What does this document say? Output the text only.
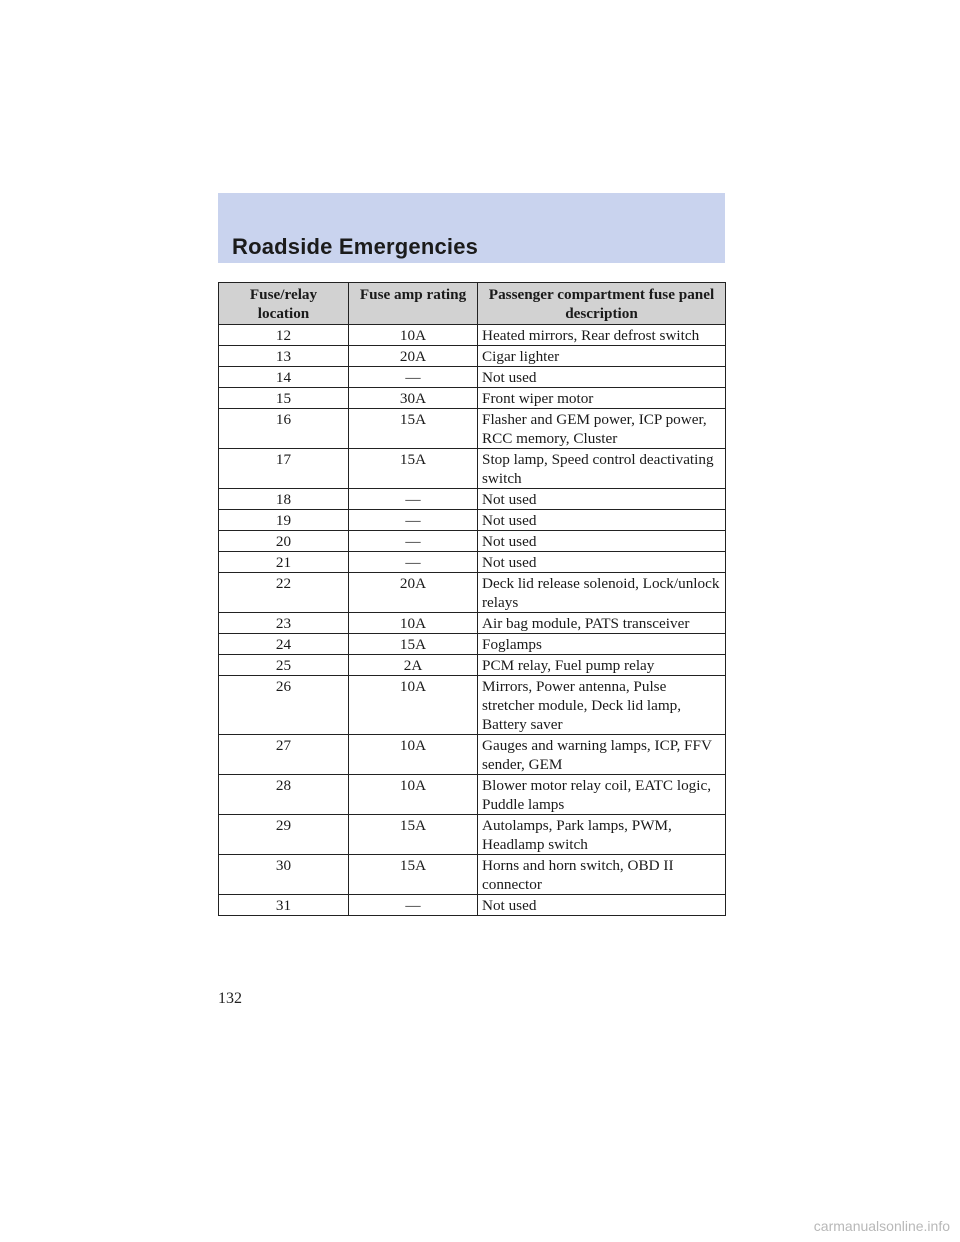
Roadside Emergencies
Fuse/relay location	Fuse amp rating	Passenger compartment fuse panel description
12	10A	Heated mirrors, Rear defrost switch
13	20A	Cigar lighter
14	—	Not used
15	30A	Front wiper motor
16	15A	Flasher and GEM power, ICP power, RCC memory, Cluster
17	15A	Stop lamp, Speed control deactivating switch
18	—	Not used
19	—	Not used
20	—	Not used
21	—	Not used
22	20A	Deck lid release solenoid, Lock/unlock relays
23	10A	Air bag module, PATS transceiver
24	15A	Foglamps
25	2A	PCM relay, Fuel pump relay
26	10A	Mirrors, Power antenna, Pulse stretcher module, Deck lid lamp, Battery saver
27	10A	Gauges and warning lamps, ICP, FFV sender, GEM
28	10A	Blower motor relay coil, EATC logic, Puddle lamps
29	15A	Autolamps, Park lamps, PWM, Headlamp switch
30	15A	Horns and horn switch, OBD II connector
31	—	Not used
132
carmanualsonline.info
